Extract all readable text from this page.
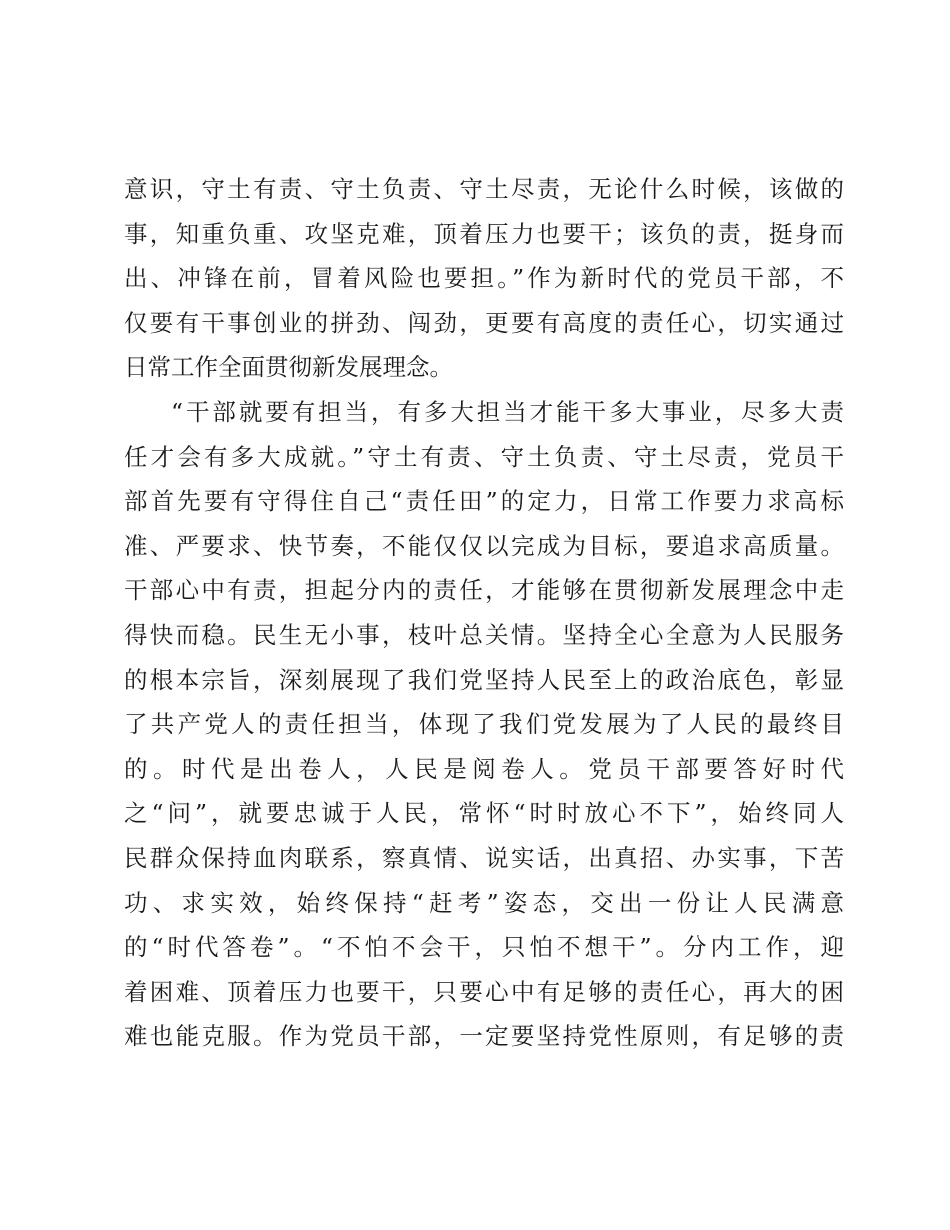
意识，守土有责、守土负责、守土尽责，无论什么时候，该做的
事，知重负重、攻坚克难，顶着压力也要干；该负的责，挺身而
出、冲锋在前，冒着风险也要担。”作为新时代的党员干部，不
仅要有干事创业的拼劲、闯劲，更要有高度的责任心，切实通过
日常工作全面贯彻新发展理念。
“干部就要有担当，有多大担当才能干多大事业，尽多大责
任才会有多大成就。”守土有责、守土负责、守土尽责，党员干
部首先要有守得住自己“责任田”的定力，日常工作要力求高标
准、严要求、快节奏，不能仅仅以完成为目标，要追求高质量。
干部心中有责，担起分内的责任，才能够在贯彻新发展理念中走
得快而稳。民生无小事，枝叶总关情。坚持全心全意为人民服务
的根本宗旨，深刻展现了我们党坚持人民至上的政治底色，彰显
了共产党人的责任担当，体现了我们党发展为了人民的最终目
的。时代是出卷人，人民是阅卷人。党员干部要答好时代
之“问”，就要忠诚于人民，常怀“时时放心不下”，始终同人
民群众保持血肉联系，察真情、说实话，出真招、办实事，下苦
功、求实效，始终保持“赶考”姿态，交出一份让人民满意
的“时代答卷”。“不怕不会干，只怕不想干”。分内工作，迎
着困难、顶着压力也要干，只要心中有足够的责任心，再大的困
难也能克服。作为党员干部，一定要坚持党性原则，有足够的责
